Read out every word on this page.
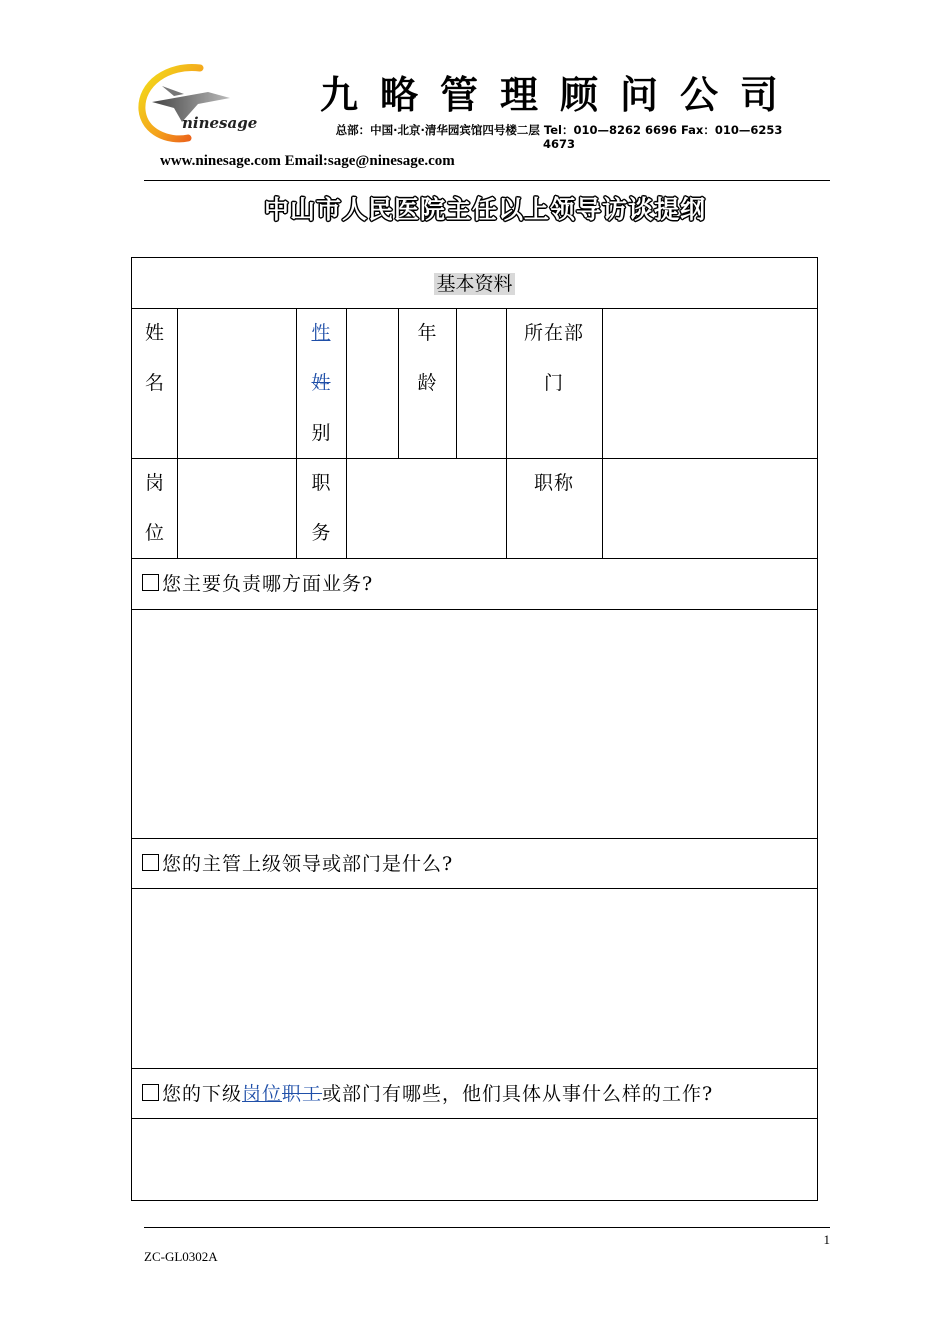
ninesage
九略管理顾问公司
总部：中国·北京·清华园宾馆四号楼二层 Tel：010—8262 6696 Fax：010—6253
4673
www.ninesage.com Email:sage@ninesage.com
中山市人民医院主任以上领导访谈提纲
基本资料
姓
名
性
姓
别
年
龄
所在部
门
岗
位
职
务
职称
您主要负责哪方面业务?
您的主管上级领导或部门是什么?
您的下级岗位职工或部门有哪些，他们具体从事什么样的工作?
1
ZC-GL0302A
